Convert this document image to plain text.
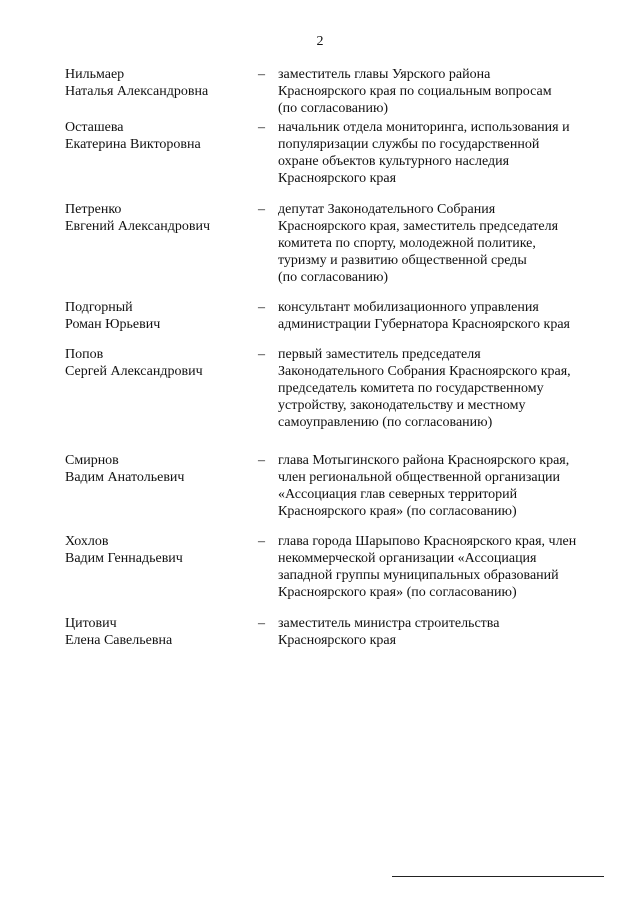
2
Нильмаер
Наталья Александровна
– заместитель главы Уярского района
Красноярского края по социальным вопросам
(по согласованию)
Осташева
Екатерина Викторовна
– начальник отдела мониторинга, использования и
популяризации службы по государственной
охране объектов культурного наследия
Красноярского края
Петренко
Евгений Александрович
– депутат Законодательного Собрания
Красноярского края, заместитель председателя
комитета по спорту, молодежной политике,
туризму и развитию общественной среды
(по согласованию)
Подгорный
Роман Юрьевич
– консультант мобилизационного управления
администрации Губернатора Красноярского края
Попов
Сергей Александрович
– первый заместитель председателя
Законодательного Собрания Красноярского края,
председатель комитета по государственному
устройству, законодательству и местному
самоуправлению (по согласованию)
Смирнов
Вадим Анатольевич
– глава Мотыгинского района Красноярского края,
член региональной общественной организации
«Ассоциация глав северных территорий
Красноярского края» (по согласованию)
Хохлов
Вадим Геннадьевич
– глава города Шарыпово Красноярского края, член
некоммерческой организации «Ассоциация
западной группы муниципальных образований
Красноярского края» (по согласованию)
Цитович
Елена Савельевна
– заместитель министра строительства
Красноярского края
